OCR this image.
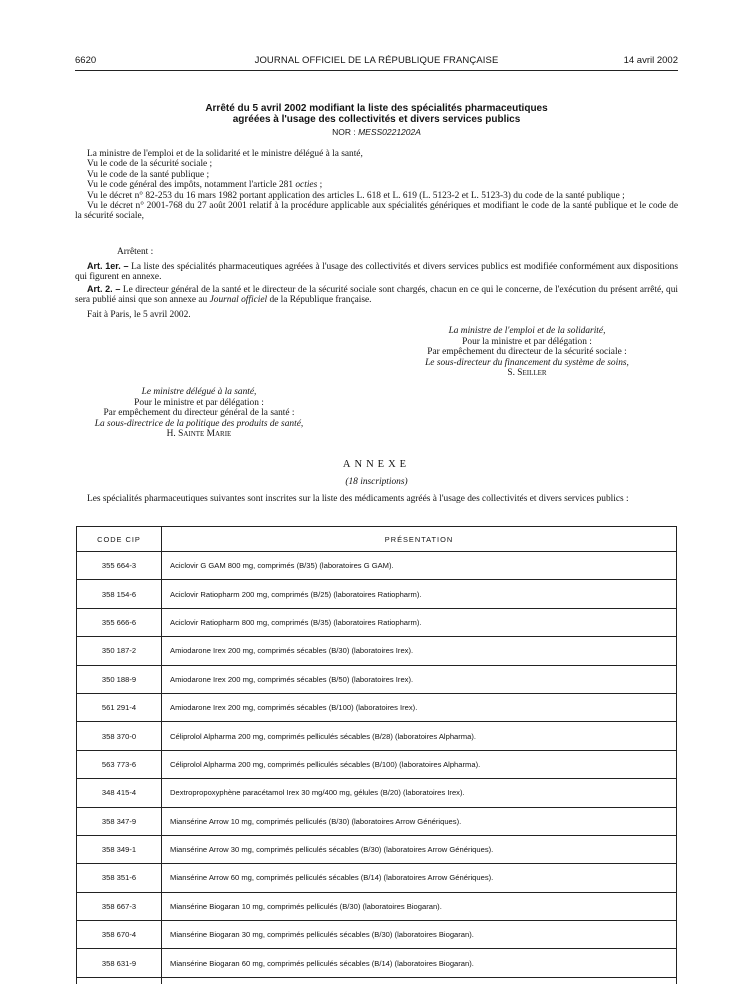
6620	JOURNAL OFFICIEL DE LA RÉPUBLIQUE FRANÇAISE	14 avril 2002
Arrêté du 5 avril 2002 modifiant la liste des spécialités pharmaceutiques
agréées à l'usage des collectivités et divers services publics
NOR : MESS0221202A

La ministre de l'emploi et de la solidarité et le ministre délégué à la santé,

Vu le code de la sécurité sociale ;

Vu le code de la santé publique ;

Vu le code général des impôts, notamment l'article 281 octies ;

Vu le décret n° 82-253 du 16 mars 1982 portant application des articles L. 618 et L. 619 (L. 5123-2 et L. 5123-3) du code de la santé publique ;

Vu le décret n° 2001-768 du 27 août 2001 relatif à la procédure applicable aux spécialités génériques et modifiant le code de la santé publique et le code de la sécurité sociale,

Arrêtent :

Art. 1er. – La liste des spécialités pharmaceutiques agréées à l'usage des collectivités et divers services publics est modifiée conformément aux dispositions qui figurent en annexe.

Art. 2. – Le directeur général de la santé et le directeur de la sécurité sociale sont chargés, chacun en ce qui le concerne, de l'exécution du présent arrêté, qui sera publié ainsi que son annexe au Journal officiel de la République française.

Fait à Paris, le 5 avril 2002.

La ministre de l'emploi et de la solidarité,
Pour la ministre et par délégation :
Par empêchement du directeur de la sécurité sociale :
Le sous-directeur du financement du système de soins,
S. Seiller
Le ministre délégué à la santé,
Pour le ministre et par délégation :
Par empêchement du directeur général de la santé :
La sous-directrice de la politique des produits de santé,
H. Sainte Marie
ANNEXE
(18 inscriptions)

Les spécialités pharmaceutiques suivantes sont inscrites sur la liste des médicaments agréés à l'usage des collectivités et divers services publics :

CODE CIP	PRÉSENTATION
355 664-3	Aciclovir G GAM 800 mg, comprimés (B/35) (laboratoires G GAM).
358 154-6	Aciclovir Ratiopharm 200 mg, comprimés (B/25) (laboratoires Ratiopharm).
355 666-6	Aciclovir Ratiopharm 800 mg, comprimés (B/35) (laboratoires Ratiopharm).
350 187-2	Amiodarone Irex 200 mg, comprimés sécables (B/30) (laboratoires Irex).
350 188-9	Amiodarone Irex 200 mg, comprimés sécables (B/50) (laboratoires Irex).
561 291-4	Amiodarone Irex 200 mg, comprimés sécables (B/100) (laboratoires Irex).
358 370-0	Céliprolol Alpharma 200 mg, comprimés pelliculés sécables (B/28) (laboratoires Alpharma).
563 773-6	Céliprolol Alpharma 200 mg, comprimés pelliculés sécables (B/100) (laboratoires Alpharma).
348 415-4	Dextropropoxyphène paracétamol Irex 30 mg/400 mg, gélules (B/20) (laboratoires Irex).
358 347-9	Miansérine Arrow 10 mg, comprimés pelliculés (B/30) (laboratoires Arrow Génériques).
358 349-1	Miansérine Arrow 30 mg, comprimés pelliculés sécables (B/30) (laboratoires Arrow Génériques).
358 351-6	Miansérine Arrow 60 mg, comprimés pelliculés sécables (B/14) (laboratoires Arrow Génériques).
358 667-3	Miansérine Biogaran 10 mg, comprimés pelliculés (B/30) (laboratoires Biogaran).
358 670-4	Miansérine Biogaran 30 mg, comprimés pelliculés sécables (B/30) (laboratoires Biogaran).
358 631-9	Miansérine Biogaran 60 mg, comprimés pelliculés sécables (B/14) (laboratoires Biogaran).
